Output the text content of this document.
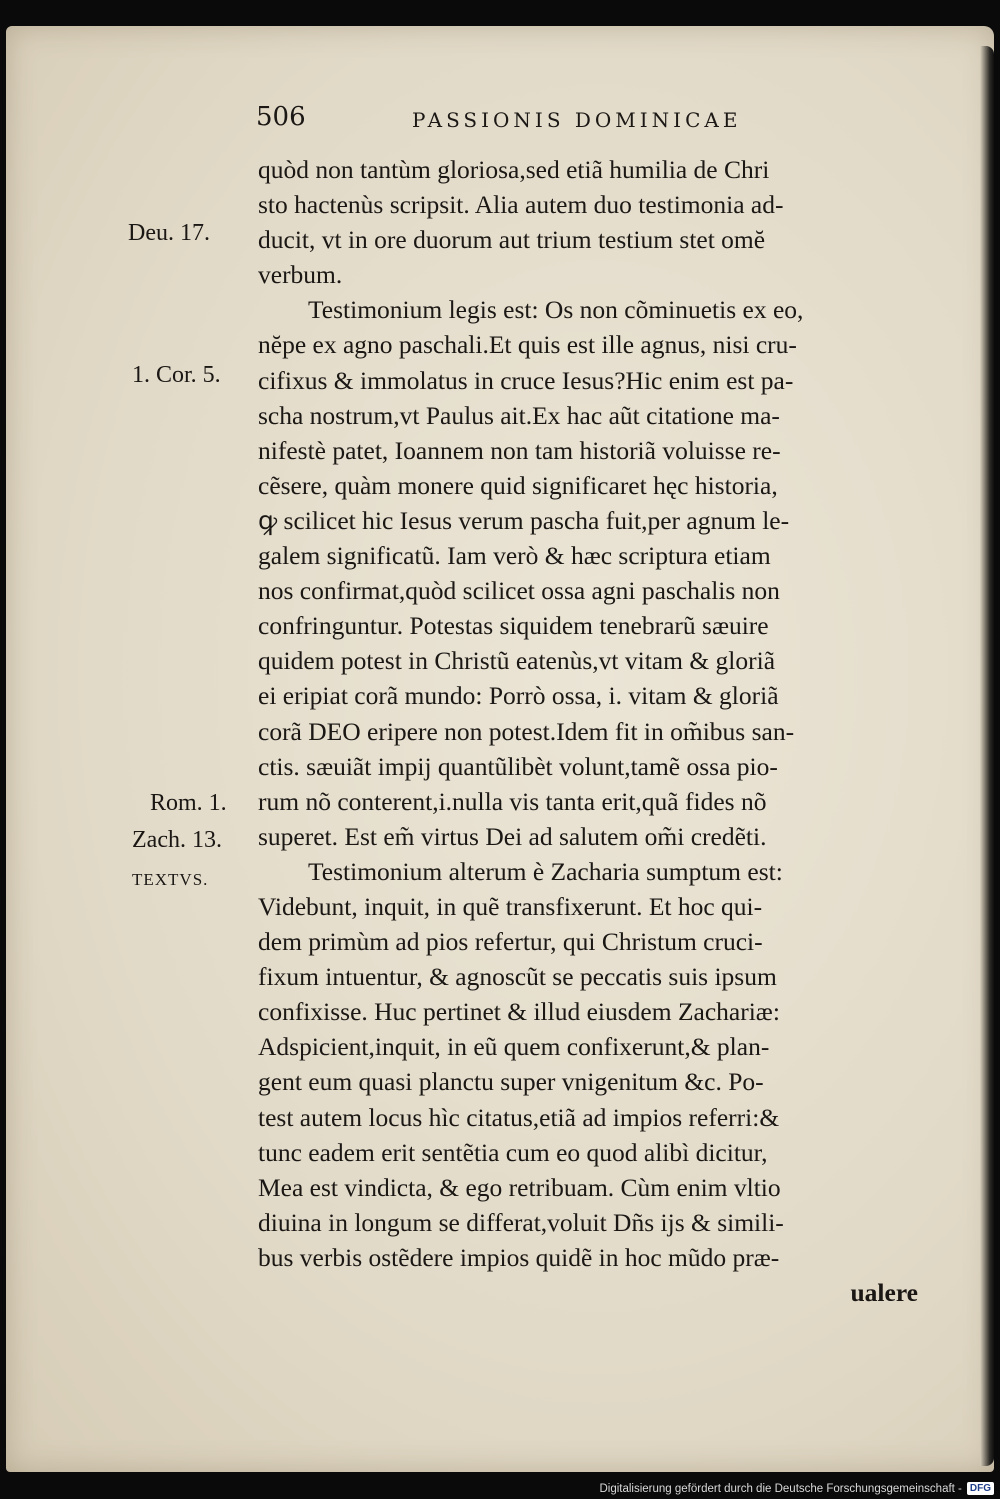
506	PASSIONIS DOMINICAE
Deu. 17.
1. Cor. 5.
Rom. 1.
Zach. 13.
TEXTVS.
quòd non tantùm gloriosa,sed etiã humilia de Chri
sto hactenùs scripsit. Alia autem duo testimonia ad-
ducit, vt in ore duorum aut trium testium stet omĕ
verbum.
Testimonium legis est: Os non cõminuetis ex eo,
nĕpe ex agno paschali.Et quis est ille agnus, nisi cru-
cifixus & immolatus in cruce Iesus?Hic enim est pa-
scha nostrum,vt Paulus ait.Ex hac aũt citatione ma-
nifestè patet, Ioannem non tam historiã voluisse re-
cẽsere, quàm monere quid significaret hęc historia,
ꝙ scilicet hic Iesus verum pascha fuit,per agnum le-
galem significatũ. Iam verò & hæc scriptura etiam
nos confirmat,quòd scilicet ossa agni paschalis non
confringuntur. Potestas siquidem tenebrarũ sæuire
quidem potest in Christũ eatenùs,vt vitam & gloriã
ei eripiat corã mundo: Porrò ossa, i. vitam & gloriã
corã DEO eripere non potest.Idem fit in om̃ibus san-
ctis. sæuiãt impij quantũlibèt volunt,tamẽ ossa pio-
rum nõ conterent,i.nulla vis tanta erit,quã fides nõ
superet. Est em̃ virtus Dei ad salutem om̃i credẽti.
Testimonium alterum è Zacharia sumptum est:
Videbunt, inquit, in quẽ transfixerunt. Et hoc qui-
dem primùm ad pios refertur, qui Christum cruci-
fixum intuentur, & agnoscũt se peccatis suis ipsum
confixisse. Huc pertinet & illud eiusdem Zachariæ:
Adspicient,inquit, in eũ quem confixerunt,& plan-
gent eum quasi planctu super vnigenitum &c. Po-
test autem locus hìc citatus,etiã ad impios referri:&
tunc eadem erit sentẽtia cum eo quod alibì dicitur,
Mea est vindicta, & ego retribuam. Cùm enim vltio
diuina in longum se differat,voluit Dñs ijs & simili-
bus verbis ostẽdere impios quidẽ in hoc mũdo præ-
ualere
Digitalisierung gefördert durch die Deutsche Forschungsgemeinschaft - DFG
